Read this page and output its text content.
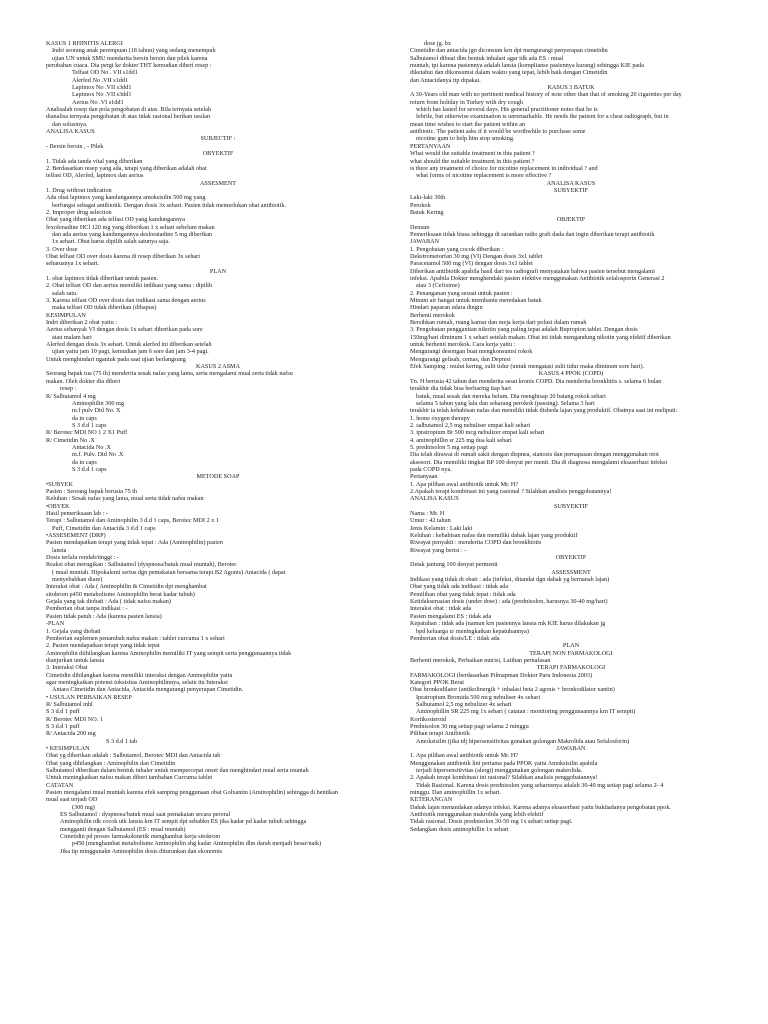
KASUS 1 RHINITIS ALERGI
Indri seorang anak perempuan (18 tahun) yang sedang menempuh
ujian UN untuk SMU mendarita bersin bersin dan pilek karena
perubahan cuaca. Dia pergi ke dokter THT kemudian diberi resep :
Telfast OD No . VII s1dd1
Alerfed No .VII s1dd1
Lapimox No .VII s3dd1
Lapimox No .VII s3dd1
Aerius No .VI s1dd1
Analisalah resep dan pola pengobatan di atas. Bila ternyata setelah
dianalisa ternyata pengobatan di atas tidak rasional berikan usulan
dan solusinya.
ANALISA KASUS
SUBJECTIF :
- Bersin bersin , - Pilek
OBYEKTIF
1. Tidak ada tanda vital yang diberikan
2. Berdasarkan resep yang ada, tetapi yang diberikan adalah obat
telfast OD, Alerfed, lapimox dan aerius
ASSESMENT
1. Drug without indication
Ada obat lapimox yang kandungannya amoksisilin 500 mg yang
berfungsi sebagai antibiotik. Dengan dosis 3x sehari. Pasien tidak memerlukan obat antibiotik.
2. Improper drug selection
Obat yang diberikan ada telfast OD yang kandungannya
fexofenadine HCl 120 mg yang diberikan 1 x sehari sebelum makan
dan ada aerius yang kandungannya desloratadine 5 mg diberikan
1x sehari. Obat harus dipilih salah satunya saja.
3. Over dose
Obat telfast OD over dosis karena di resep diberikan 3x sehari
seharusnya 1x sehari.
PLAN
1. obat lapimox tidak diberikan untuk pasien.
2. Obat telfast OD dan aerius memiliki indikasi yang sama : dipilih
salah satu.
3. Karena telfast OD over dosis dan indikasi sama dengan aerius
maka telfast OD tidak diberikan (dihapus)
KESIMPULAN
Indri diberikan 2 obat yaitu :
Aerius sebanyak VI dengan dosis 1x sehari diberikan pada sore
atau malam hari
Alerfed dengan dosis 3x sehari. Untuk alerfed ini diberikan setelah
ujian yaitu jam 10 pagi, kemudian jam 6 sore dan jam 3-4 pagi.
Untuk menghindari ngantuk pada saat ujian berlangsung
KASUS 2 ASMA
Seorang bapak tua (75 th) menderita sesak nafas yang lama, serta mengalami mual serta tidak nafsu
makan. Oleh dokter dia diberi
resep :
R/ Salbutamol 4 mg
Aminophilin 300 mg
m.f pulv Dtd No. X
da in caps
S 3 d.d 1 caps
R/ Berotec MDI NO 1 2 X1 Puff
R/ Cimetidin No .X
Antacida No .X
m.f. Pulv. Dtd No .X
da in caps
S 3 d.d 1 caps
METODE SOAP
•SUBYEK
Pasien : Seorang bapak berusia 75 th
Keluhan : Sesak nafas yang lama, mual serta tidak nafsu makan
•OBYEK
Hasil pemeriksaan lab : -
Terapi : Salbutamol dan Aminophilin 3 d.d 1 caps, Berotec MDI 2 x 1
Puff, Cimetidin dan Antacida 3 d.d 1 caps
•ASSESEMENT (DRP)
Pasien mendapatkan terapi yang tidak tepat : Ada (Aminophilin) pasien
lansia
Dosis terlalu rendah/tinggi : -
Reaksi obat merugikan : Salbutamol (dyspnoea/batuk mual muntah), Berotec
( mual muntah. Hipokalemi serius dgn pemakaian bersama terapi B2 Agonis) Antacida ( dapat
menyebabkan diare)
Interaksi obat : Ada ( Aminophilin & Cimetidin dpt menghambat
sitokrom p450 metabolisme Aminophilin berat kadar tubuh)
Gejala yang tak diobati : Ada ( tidak nafsu makan)
Pemberian obat tanpa indikasi : -
Pasien tidak patuh : Ada (karena pasien lansia)
-PLAN
1. Gejala yang diobati
Pemberian suplemen penambah nafsu makan : tablet curcuma 1 x sehari
2. Pasien mendapatkan terapi yang tidak tepat
Aminophilin diihilangkan karena Aminophilin memiliki IT yang sempit serta penggunaannya tidak
dianjurkan untuk lansia
3. Interaksi Obat
Cimetidin dihilangkan karena memiliki interaksi dengan Aminophilin yaitu
agar meningkatkan potensi toksisitas Aminophilinnya, selain itu Interaksi
Antara Cimetidin dan Antacida, Antacida mengurangi penyerapan Cimetidin.
• USULAN PERBAIKAN RESEP
R/ Salbutamol inhl
S 3 d.d 1 puff
R/ Berotec MDI NO. 1
S 3 d.d 1 puff
R/ Antacida 200 mg
S 3 d.d 1 tab
• KESIMPULAN
Obat yg diberikan adalah : Salbutamol, Berotec MDI dan Antacida tab
Obat yang dihilangkan : Aminophilin dan Cimetidin
Salbutamol diberikan dalam bentuk inhaler untuk mempercepat onset dan menghindari mual serta muntah
Untuk meningkatkan nafsu makan diberi tambahan Curcuma tablet
CATATAN
Pasien mengalami mual muntah karena efek samping penggunaan obat Golxantin (Aminophilin) sehingga di hentikan
mual saat terjadi OD
(300 mg)
ES Salbutamol : dyspnoea/batuk mual saat pemakaian secara peroral
Aminophilin tdk cocok utk lansia krn IT sempit dpt sebabkn ES jika kadar pd kadar tubuh sehingga
mengganti dengan Salbutamol (ES : mual muntah)
Cimetidin pd proses farmakokinetik menghambat kerja sitokrom
p450 (menghambat metabolisme Aminophilin shg kadar Aminophilin dlm darah menjadi besar/naik)
Jika tip minggunakn Aminophilin dosis diturunkan dan ekonomis
dose jg. bx
Cimetidin dan antacida jgn diconsum krn dpt mengurangi penyerapan cimetidin
Salbutamol dibuat dlm bentuk inhalasi agar tdk ada ES : mual
muntah, tpi karena pasiennya adalah lansia (komplianse pasiennya kurang) sehingga KIE pada
diketahui dan dikonsumsi dalam waktu yang tepat, lebih baik dengan Cimetidin
dan Antacidanya ttp dipakai.
KASUS 3 BATUK
A 30-Years old man with no pertinent medical history of note other than that of smoking 20 cigarettes per day
return from holiday in Turkey with dry cough
which has lasted for several days. His general practitioner notes that he is
febrile, but otherwise examination is unremarkable. He needs the patient for a chest radiograph, but in
mean time wishes to start the patient within an
antibiotic. The patient asks if it would be worthwhile to purchase some
nicotine gum to help him stop smoking.
PERTANYAAN
What would the suitable treatment in this patient ?
what should the suitable treatment in this patient ?
is there any treatment of choice for nicotine replacement in individual ? and
what forms of nicotine replacement is more effective ?
ANALISA KASUS
SUBYEKTIF
Laki-laki 30th
Perokok
Batuk Kering
OBJEKTIF
Demam
Pemeriksaan tidak biasa sehingga di sarankan radio grafi dada dan ingin diberikan terapi antibiotik
JAWABAN
1. Pengobatan yang cocok diberikan :
Dekstrometorfan 30 mg (VI) Dengan dosis 3x1 tablet
Paracetamol 500 mg (VI) dengan dosis 3x1 tablet
Diberikan antibiotik apabila hasil dari tes radiografi menyatakan bahwa pasien tersebut mengalami
infeksi. Apabila Dokter menghendaki pasien efektive menggunakan Antibiotik sefalosporin Generasi 2
atau 3 (Cefixime)
2. Penanganan yang sesuai untuk pasien :
Minum air hangat untuk membantu meredakan batuk
Hindari paparan udara dingin
Berhenti merokok
Bersihkan rumah, ruang kamar dan meja kerja dari polusi dalam rumah
3. Pengobatan penggantian nikotin yang paling tepat adalah Bupropion tablet. Dengan dosis
150mg/hari diminum 1 x sehari setelah makan. Obat ini tidak mengandung nikotin yang efektif diberikan
untuk berhenti merokok. Cara kerja yaitu :
Mengurangi desongan buat mengkonsumsi rokok
Mengurangi gelisah, cemas, dan Depresi
Efek Samping : mulut kering, sulit tidur (untuk mengatasi sulit tidur maka diminum sore hari).
KASUS 4 PPOK (COPD)
Tn. H berusia 42 tahun dan menderita sesat kronis COPD. Dia menderita bronkhitis s. selama 6 bulan
terakhir dia tidak bisa berbaring tiap hari
batuk, mual sesak dan mereka belum. Dia menghisap 20 batang rokok sehari
selama 5 tahun yang lalu dan sekarang perokok (passing). Selama 3 hari
terakhir ia telah kehabisan nafas dan memiliki tidak disbeda lajan yang produktif. Obatnya saat ini meliputi:
1. home oxygen therapy
2. salbutamol 2,5 mg nebuliser empat kali sehari
3. ipratropium Br 500 mcg nebulizer empat kali sehari
4. aminophillin sr 225 mg dua kali sehari
5. prednisolon 5 mg setiap pagi
Dia telah dirawat di rumah sakit dengan dispnea, sianosis dan pernapasan dengan menggunakan otot
aksesori. Dia memiliki tingkat BP 100 denyut per menit. Dia di diagnosa mengalami eksaserbasi infeksi
pada COPD nya.
Pertanyaan
1. Apa pilihan awal antibiotik untuk Mr. H?
2.Apakah terapi kombinasi ini yang rasional ? Silahkan analisis penggobatannya!
ANALISA KASUS
SUBYEKTIF
Nama : Mr. H
Umur : 42 tahun
Jenis Kelamin : Laki laki
Keluhan : kehabisan nafas dan memiliki dahak lajan yang produktif
Riwayat penyakit : menderita COPD dan bronkhiotis
Riwayat yang berisi : -
OBYEKTIF
Detak jantung 100 denyut permenit
ASSESSMENT
Indikasi yang tidak di obati : ada (infeksi, ditandai dgn dahak yg bernanah lajan)
Obat yang tidak ada indikasi : tidak ada
Pemilihan obat yang tidak tepat : tidak ada
Ketidakseruaian dosis (under dose) : ada (prednisolon, harusnya 30-40 mg/hari)
Interaksi obat : tidak ada
Pasien mengalami ES : tidak ada
Kepatuhan : tidak ada (namun krn pasiennya lansia mk KIE harus dilakukan jg
bpd keluarga u/ meningkatkan kepatuhannya)
Pemberian obat dosis/LE : tidak ada
PLAN
TERAPI NON FARMAKOLOGI
Berhenti merokok, Perbaikan nutrisi, Latihan pernafasan
TERAPI FARMAKOLOGI
FARMAKOLOGI (berdasarkan Pilmapman Doktor Paru Indonesia 2003)
Kategori PPOK Berat
Obat bronkodilator (antikolinergik + inhalasi beta 2 agonis + bronkodilator xantin)
Ipratropium Bromida 500 mcg nebuliser 4x sehari
Salbutamol 2,5 mg nebulizer 4x sehari
Aminophillin SR 225 mg 1x sehari ( catatan : monitoring penggunaannya krn IT sempit)
Kortikosteroid
Prednisolon 30 mg setiap pagi selama 2 minggu
Pilihan terapi Antibiotik
Amoksisilin (jika tdj hipersensitivitas gunakan golongan Makrolida atau Sefalosforin)
JAWABAN
1. Apa pilihan awal antibiotik untuk Mr. H?
Menggunakan antibiotik lini pertama pada PPOK yaitu Amoksisilin apabila
terjadi hipersensitivitas (alergi) menggunakan golongan makrolida.
2. Apakah terapi kombinasi ini rasional? Silahkan analisis penggobatannya!
Tidak Rasional. Karena dosis prednisolon yang seharusnya adalah 30-40 mg setiap pagi selama 2- 4
minggu. Dan aminophillin 1x sehari.
KETERANGAN
Dahak lajan menandakan adanya infeksi. Karena adanya eksaserbasi yaitu buktiadanya pengobatan ppok.
Antibiotik menggunakan makrolida yang lebih efektif
Tidak rasional. Dosis prednisolon 30-50 mg 1x sehari setiap pagi.
Sedangkan dosis aminophillin 1x sehari
